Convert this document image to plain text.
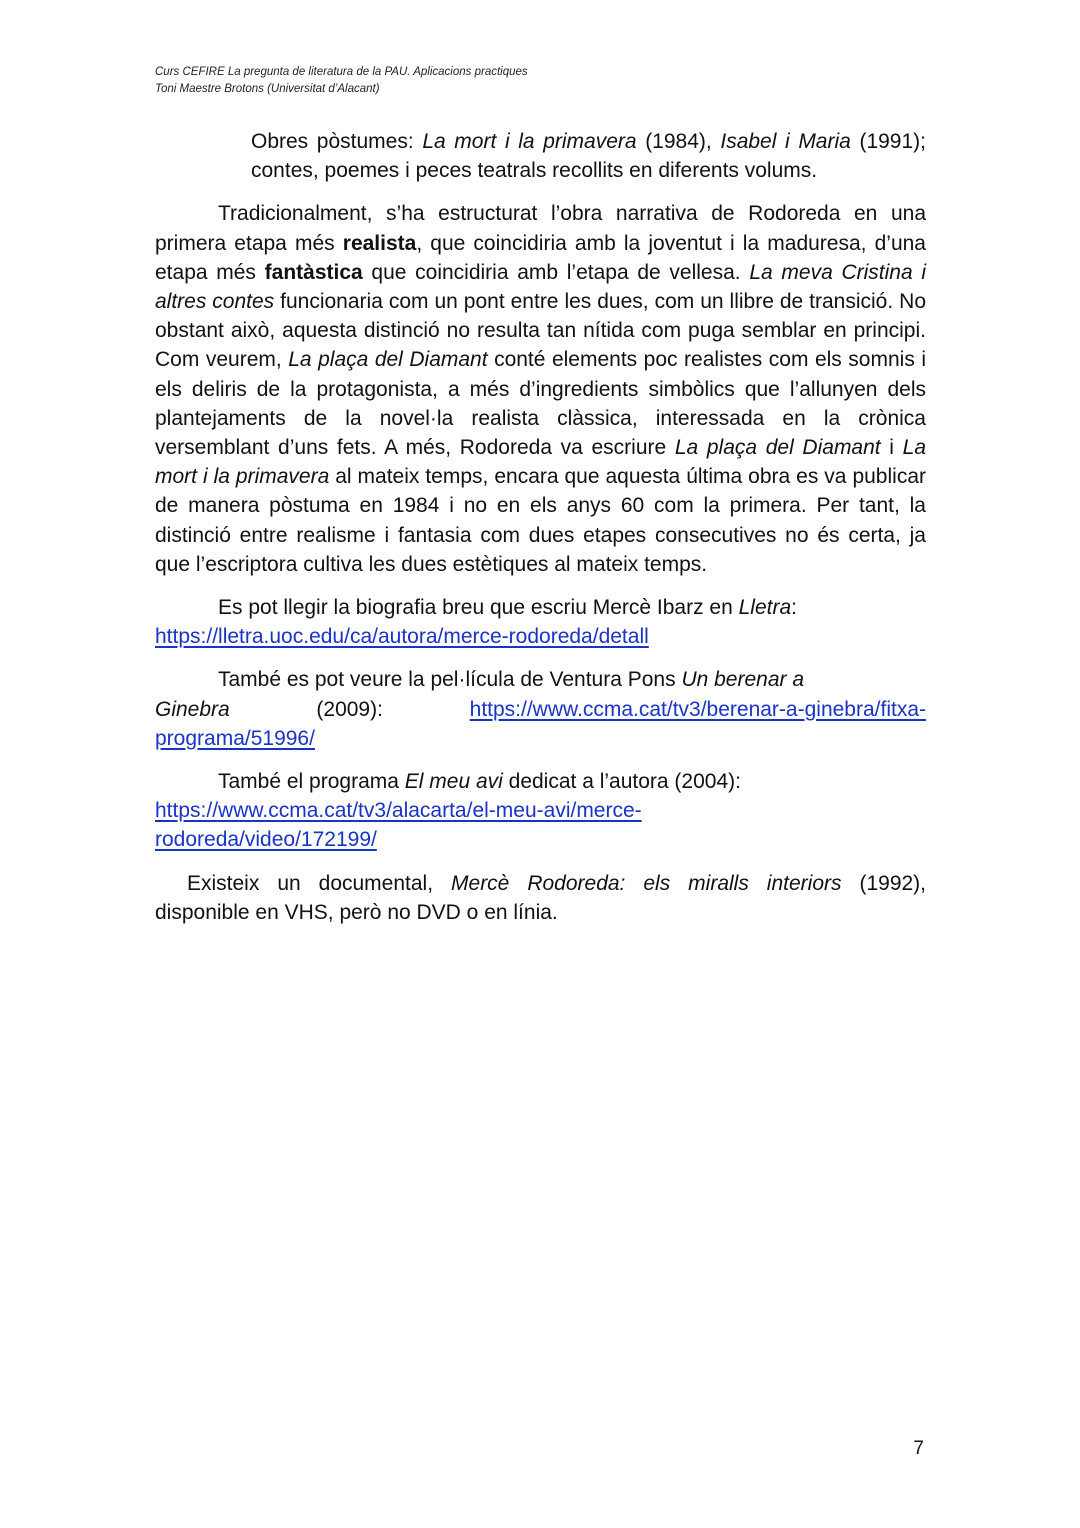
Curs CEFIRE La pregunta de literatura de la PAU. Aplicacions practiques
Toni Maestre Brotons (Universitat d’Alacant)

Obres pòstumes: La mort i la primavera (1984), Isabel i Maria (1991); contes, poemes i peces teatrals recollits en diferents volums.

Tradicionalment, s’ha estructurat l’obra narrativa de Rodoreda en una primera etapa més realista, que coincidiria amb la joventut i la maduresa, d’una etapa més fantàstica que coincidiria amb l’etapa de vellesa. La meva Cristina i altres contes funcionaria com un pont entre les dues, com un llibre de transició. No obstant això, aquesta distinció no resulta tan nítida com puga semblar en principi. Com veurem, La plaça del Diamant conté elements poc realistes com els somnis i els deliris de la protagonista, a més d’ingredients simbòlics que l’allunyen dels plantejaments de la novel·la realista clàssica, interessada en la crònica versemblant d’uns fets. A més, Rodoreda va escriure La plaça del Diamant i La mort i la primavera al mateix temps, encara que aquesta última obra es va publicar de manera pòstuma en 1984 i no en els anys 60 com la primera. Per tant, la distinció entre realisme i fantasia com dues etapes consecutives no és certa, ja que l’escriptora cultiva les dues estètiques al mateix temps.

Es pot llegir la biografia breu que escriu Mercè Ibarz en Lletra:
https://lletra.uoc.edu/ca/autora/merce-rodoreda/detall

També es pot veure la pel·lícula de Ventura Pons Un berenar a

Ginebra	(2009):	https://www.ccma.cat/tv3/berenar-a-ginebra/fitxa-
programa/51996/

També el programa El meu avi dedicat a l’autora (2004):

https://www.ccma.cat/tv3/alacarta/el-meu-avi/merce-
rodoreda/video/172199/

Existeix un documental, Mercè Rodoreda: els miralls interiors (1992), disponible en VHS, però no DVD o en línia.

7
